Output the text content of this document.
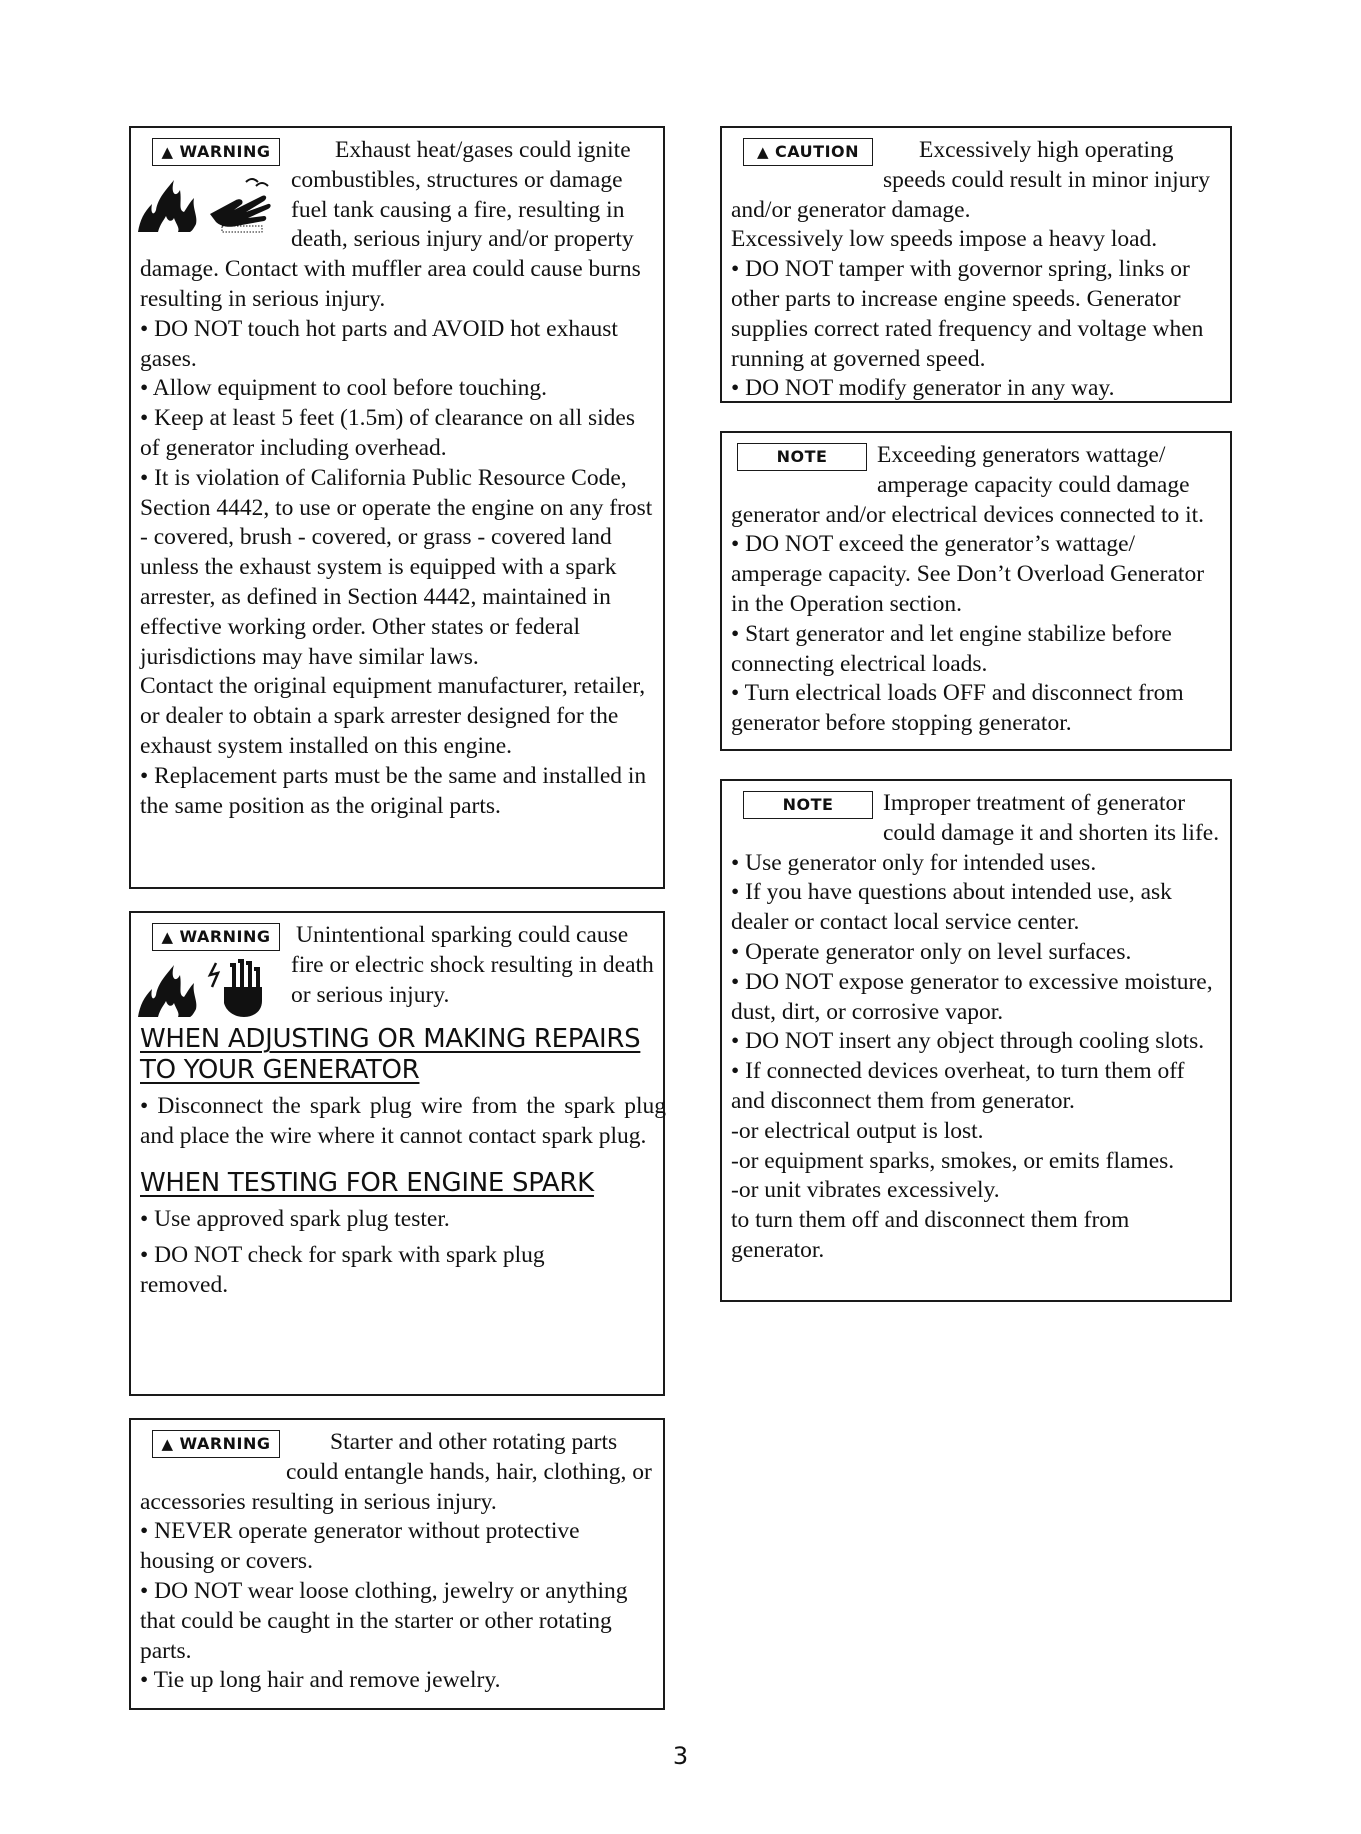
▲ WARNING	Exhaust heat/gases could ignite combustibles, structures or damage fuel tank causing a fire, resulting in death, serious injury and/or property damage. Contact with muffler area could cause burns resulting in serious injury.

• DO NOT touch hot parts and AVOID hot exhaust gases.

• Allow equipment to cool before touching.

• Keep at least 5 feet (1.5m) of clearance on all sides of generator including overhead.

• It is violation of California Public Resource Code, Section 4442, to use or operate the engine on any frost - covered, brush - covered, or grass - covered land unless the exhaust system is equipped with a spark arrester, as defined in Section 4442, maintained in effective working order. Other states or federal jurisdictions may have similar laws.

Contact the original equipment manufacturer, retailer, or dealer to obtain a spark arrester designed for the exhaust system installed on this engine.

• Replacement parts must be the same and installed in the same position as the original parts.

▲ WARNING	Unintentional sparking could cause fire or electric shock resulting in death or serious injury.

WHEN ADJUSTING OR MAKING REPAIRS TO YOUR GENERATOR

• Disconnect the spark plug wire from the spark plug and place the wire where it cannot contact spark plug.

WHEN TESTING FOR ENGINE SPARK

• Use approved spark plug tester.

• DO NOT check for spark with spark plug removed.

▲ WARNING	Starter and other rotating parts could entangle hands, hair, clothing, or accessories resulting in serious injury.

• NEVER operate generator without protective housing or covers.

• DO NOT wear loose clothing, jewelry or anything that could be caught in the starter or other rotating parts.

• Tie up long hair and remove jewelry.

▲ CAUTION	Excessively high operating speeds could result in minor injury and/or generator damage.

Excessively low speeds impose a heavy load.

• DO NOT tamper with governor spring, links or other parts to increase engine speeds. Generator supplies correct rated frequency and voltage when running at governed speed.

• DO NOT modify generator in any way.

NOTE	Exceeding generators wattage/ amperage capacity could damage generator and/or electrical devices connected to it.

• DO NOT exceed the generator’s wattage/ amperage capacity. See Don’t Overload Generator in the Operation section.

• Start generator and let engine stabilize before connecting electrical loads.

• Turn electrical loads OFF and disconnect from generator before stopping generator.

NOTE	Improper treatment of generator could damage it and shorten its life.

• Use generator only for intended uses.

• If you have questions about intended use, ask dealer or contact local service center.

• Operate generator only on level surfaces.

• DO NOT expose generator to excessive moisture, dust, dirt, or corrosive vapor.

• DO NOT insert any object through cooling slots.

• If connected devices overheat, to turn them off and disconnect them from generator.

-or electrical output is lost.

-or equipment sparks, smokes, or emits flames.

-or unit vibrates excessively.

to turn them off and disconnect them from generator.

3
